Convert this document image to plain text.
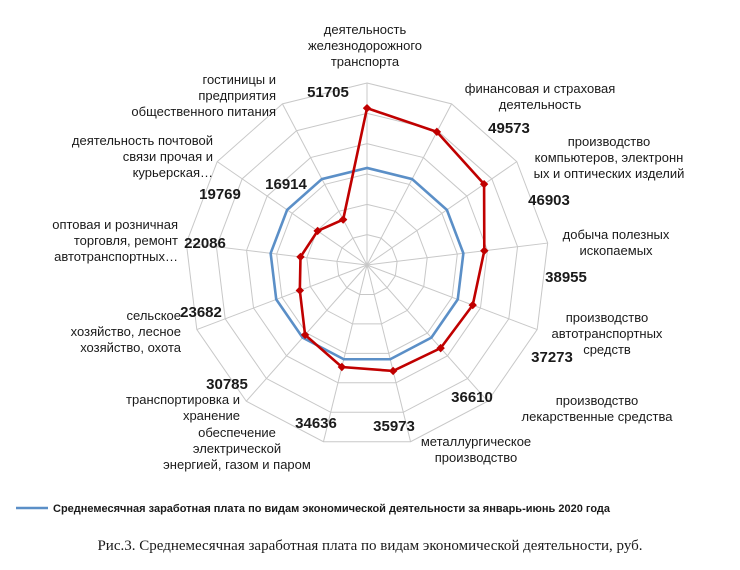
деятельность
железнодорожного
транспорта
финансовая и страховая
деятельность
производство
компьютеров, электронн
ых и оптических изделий
добыча полезных
ископаемых
производство
автотранспортных
средств
производство
лекарственные средства
металлургическое
производство
обеспечение
электрической
энергией, газом и паром
транспортировка и
хранение
сельское
хозяйство, лесное
хозяйство, охота
оптовая и розничная
торговля, ремонт
автотранспортных…
деятельность почтовой
связи прочая и
курьерская…
гостиницы и
предприятия
общественного питания
51705
49573
46903
38955
37273
36610
35973
34636
30785
23682
22086
19769
16914
Среднемесячная заработная плата по видам экономической деятельности за январь-июнь 2020 года
Рис.3. Среднемесячная заработная плата по видам экономической деятельности, руб.
